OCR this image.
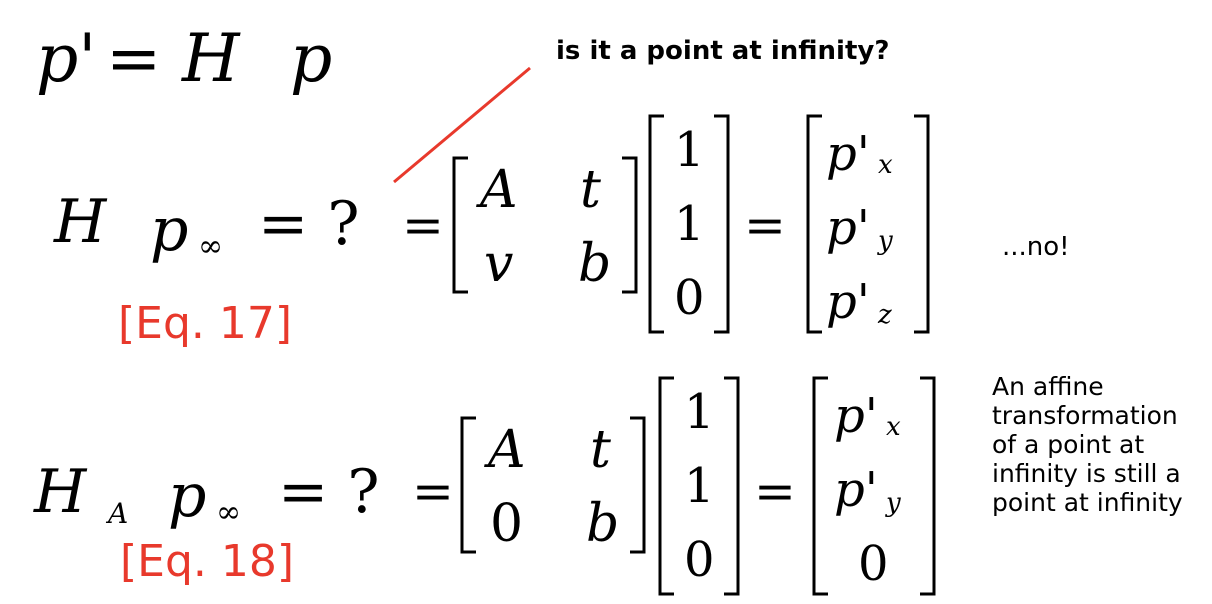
p' = H p	is it a point at infinity?
H p ∞ = ? =
A t
v b
1
1
0
=
p' x
p' y
p' z
...no!
[Eq. 17]
H A p ∞ = ? =
A t
0 b
1
1
0
=
p' x
p' y
0
An affine transformation of a point at infinity is still a point at infinity
[Eq. 18]
